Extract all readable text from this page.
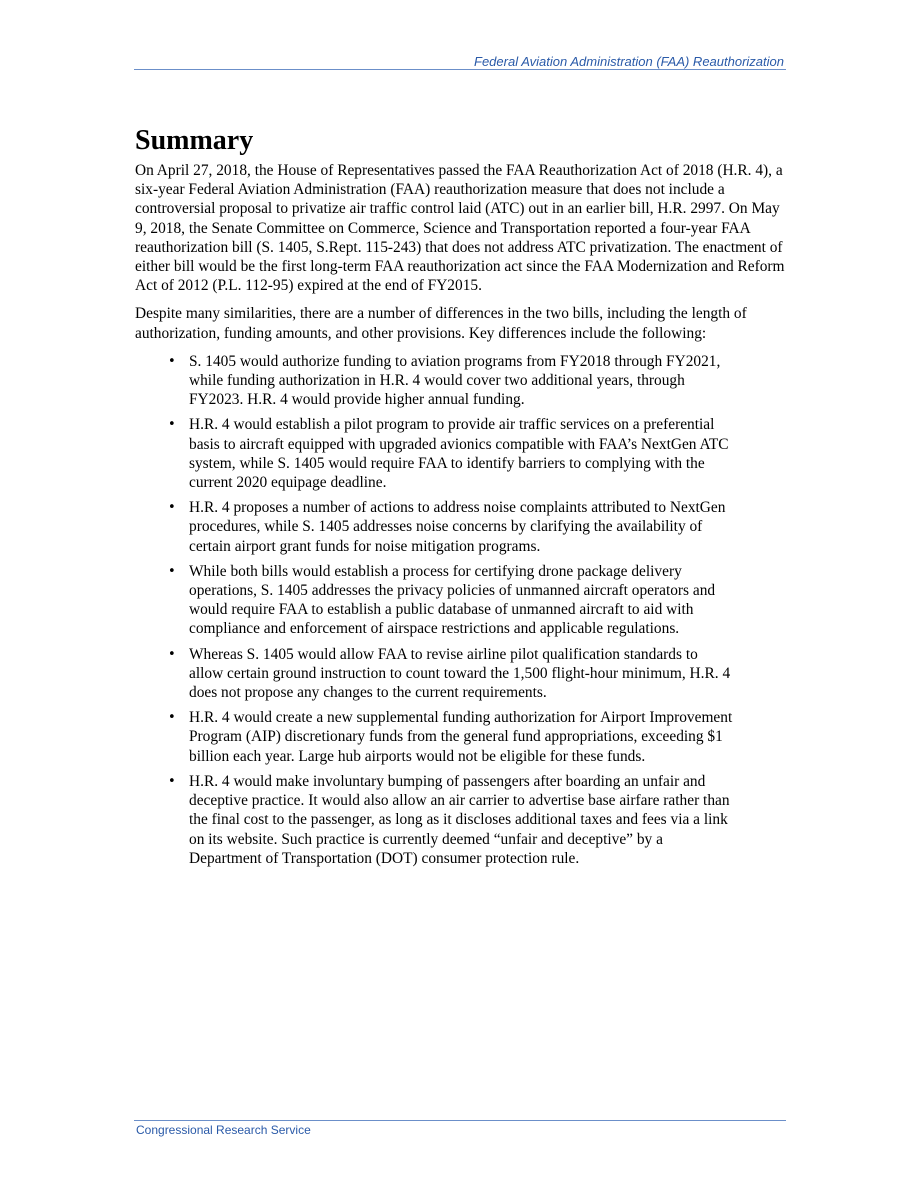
Federal Aviation Administration (FAA) Reauthorization
Summary

On April 27, 2018, the House of Representatives passed the FAA Reauthorization Act of 2018 (H.R. 4), a six-year Federal Aviation Administration (FAA) reauthorization measure that does not include a controversial proposal to privatize air traffic control laid (ATC) out in an earlier bill, H.R. 2997. On May 9, 2018, the Senate Committee on Commerce, Science and Transportation reported a four-year FAA reauthorization bill (S. 1405, S.Rept. 115-243) that does not address ATC privatization. The enactment of either bill would be the first long-term FAA reauthorization act since the FAA Modernization and Reform Act of 2012 (P.L. 112-95) expired at the end of FY2015.

Despite many similarities, there are a number of differences in the two bills, including the length of authorization, funding amounts, and other provisions. Key differences include the following:

• S. 1405 would authorize funding to aviation programs from FY2018 through FY2021, while funding authorization in H.R. 4 would cover two additional years, through FY2023. H.R. 4 would provide higher annual funding.
• H.R. 4 would establish a pilot program to provide air traffic services on a preferential basis to aircraft equipped with upgraded avionics compatible with FAA’s NextGen ATC system, while S. 1405 would require FAA to identify barriers to complying with the current 2020 equipage deadline.
• H.R. 4 proposes a number of actions to address noise complaints attributed to NextGen procedures, while S. 1405 addresses noise concerns by clarifying the availability of certain airport grant funds for noise mitigation programs.
• While both bills would establish a process for certifying drone package delivery operations, S. 1405 addresses the privacy policies of unmanned aircraft operators and would require FAA to establish a public database of unmanned aircraft to aid with compliance and enforcement of airspace restrictions and applicable regulations.
• Whereas S. 1405 would allow FAA to revise airline pilot qualification standards to allow certain ground instruction to count toward the 1,500 flight-hour minimum, H.R. 4 does not propose any changes to the current requirements.
• H.R. 4 would create a new supplemental funding authorization for Airport Improvement Program (AIP) discretionary funds from the general fund appropriations, exceeding $1 billion each year. Large hub airports would not be eligible for these funds.
• H.R. 4 would make involuntary bumping of passengers after boarding an unfair and deceptive practice. It would also allow an air carrier to advertise base airfare rather than the final cost to the passenger, as long as it discloses additional taxes and fees via a link on its website. Such practice is currently deemed “unfair and deceptive” by a Department of Transportation (DOT) consumer protection rule.
Congressional Research Service
